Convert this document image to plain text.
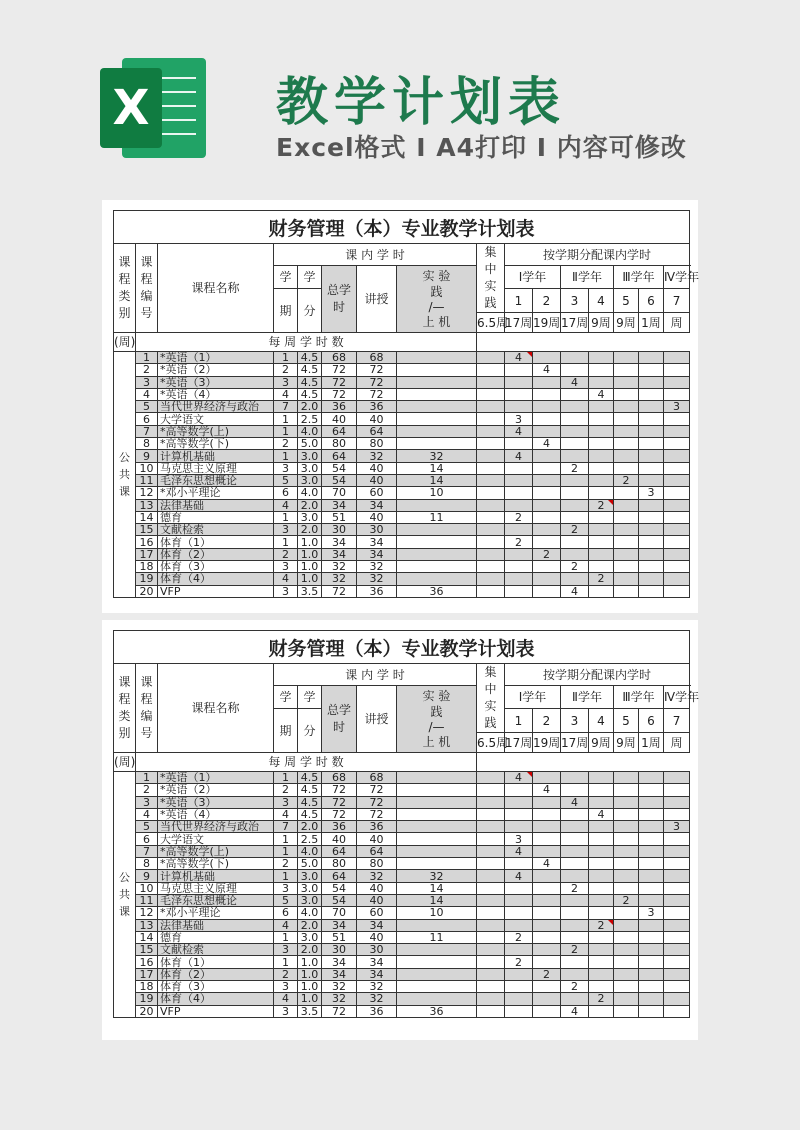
X 教学计划表
Excel格式 I A4打印 I 内容可修改
财务管理（本）专业教学计划表																
课程类别	课程编号	课程名称	课 内 学 时					集中实践	按学期分配课内学时							
			学	学	总学时	讲授	实 验
践
/—
上 机		Ⅰ学年		Ⅱ学年		Ⅲ学年		Ⅳ学年	
			期	分					1	2	3	4	5	6	7	
								6.5周	17周	19周	17周	9周	9周	1周	周	
(周)	每 周 学 时 数															
公共课	1	*英语（1）	1	4.5	68	68			4							
	2	*英语（2）	2	4.5	72	72				4						
	3	*英语（3）	3	4.5	72	72					4					
	4	*英语（4）	4	4.5	72	72						4				
	5	当代世界经济与政治	7	2.0	36	36									3	
	6	大学语文	1	2.5	40	40			3							
	7	*高等数学(上)	1	4.0	64	64			4							
	8	*高等数学(下)	2	5.0	80	80				4						
	9	计算机基础	1	3.0	64	32	32		4							
	10	马克思主义原理	3	3.0	54	40	14				2					
	11	毛泽东思想概论	5	3.0	54	40	14						2			
	12	*邓小平理论	6	4.0	70	60	10							3		
	13	法律基础	4	2.0	34	34						2				
	14	德育	1	3.0	51	40	11		2							
	15	文献检索	3	2.0	30	30					2					
	16	体育（1）	1	1.0	34	34			2							
	17	体育（2）	2	1.0	34	34				2						
	18	体育（3）	3	1.0	32	32					2					
	19	体育（4）	4	1.0	32	32						2				
	20	VFP	3	3.5	72	36	36				4					
财务管理（本）专业教学计划表																
课程类别	课程编号	课程名称	课 内 学 时					集中实践	按学期分配课内学时							
			学	学	总学时	讲授	实 验
践
/—
上 机		Ⅰ学年		Ⅱ学年		Ⅲ学年		Ⅳ学年	
			期	分					1	2	3	4	5	6	7	
								6.5周	17周	19周	17周	9周	9周	1周	周	
(周)	每 周 学 时 数															
公共课	1	*英语（1）	1	4.5	68	68			4							
	2	*英语（2）	2	4.5	72	72				4						
	3	*英语（3）	3	4.5	72	72					4					
	4	*英语（4）	4	4.5	72	72						4				
	5	当代世界经济与政治	7	2.0	36	36									3	
	6	大学语文	1	2.5	40	40			3							
	7	*高等数学(上)	1	4.0	64	64			4							
	8	*高等数学(下)	2	5.0	80	80				4						
	9	计算机基础	1	3.0	64	32	32		4							
	10	马克思主义原理	3	3.0	54	40	14				2					
	11	毛泽东思想概论	5	3.0	54	40	14						2			
	12	*邓小平理论	6	4.0	70	60	10							3		
	13	法律基础	4	2.0	34	34						2				
	14	德育	1	3.0	51	40	11		2							
	15	文献检索	3	2.0	30	30					2					
	16	体育（1）	1	1.0	34	34			2							
	17	体育（2）	2	1.0	34	34				2						
	18	体育（3）	3	1.0	32	32					2					
	19	体育（4）	4	1.0	32	32						2				
	20	VFP	3	3.5	72	36	36				4					
